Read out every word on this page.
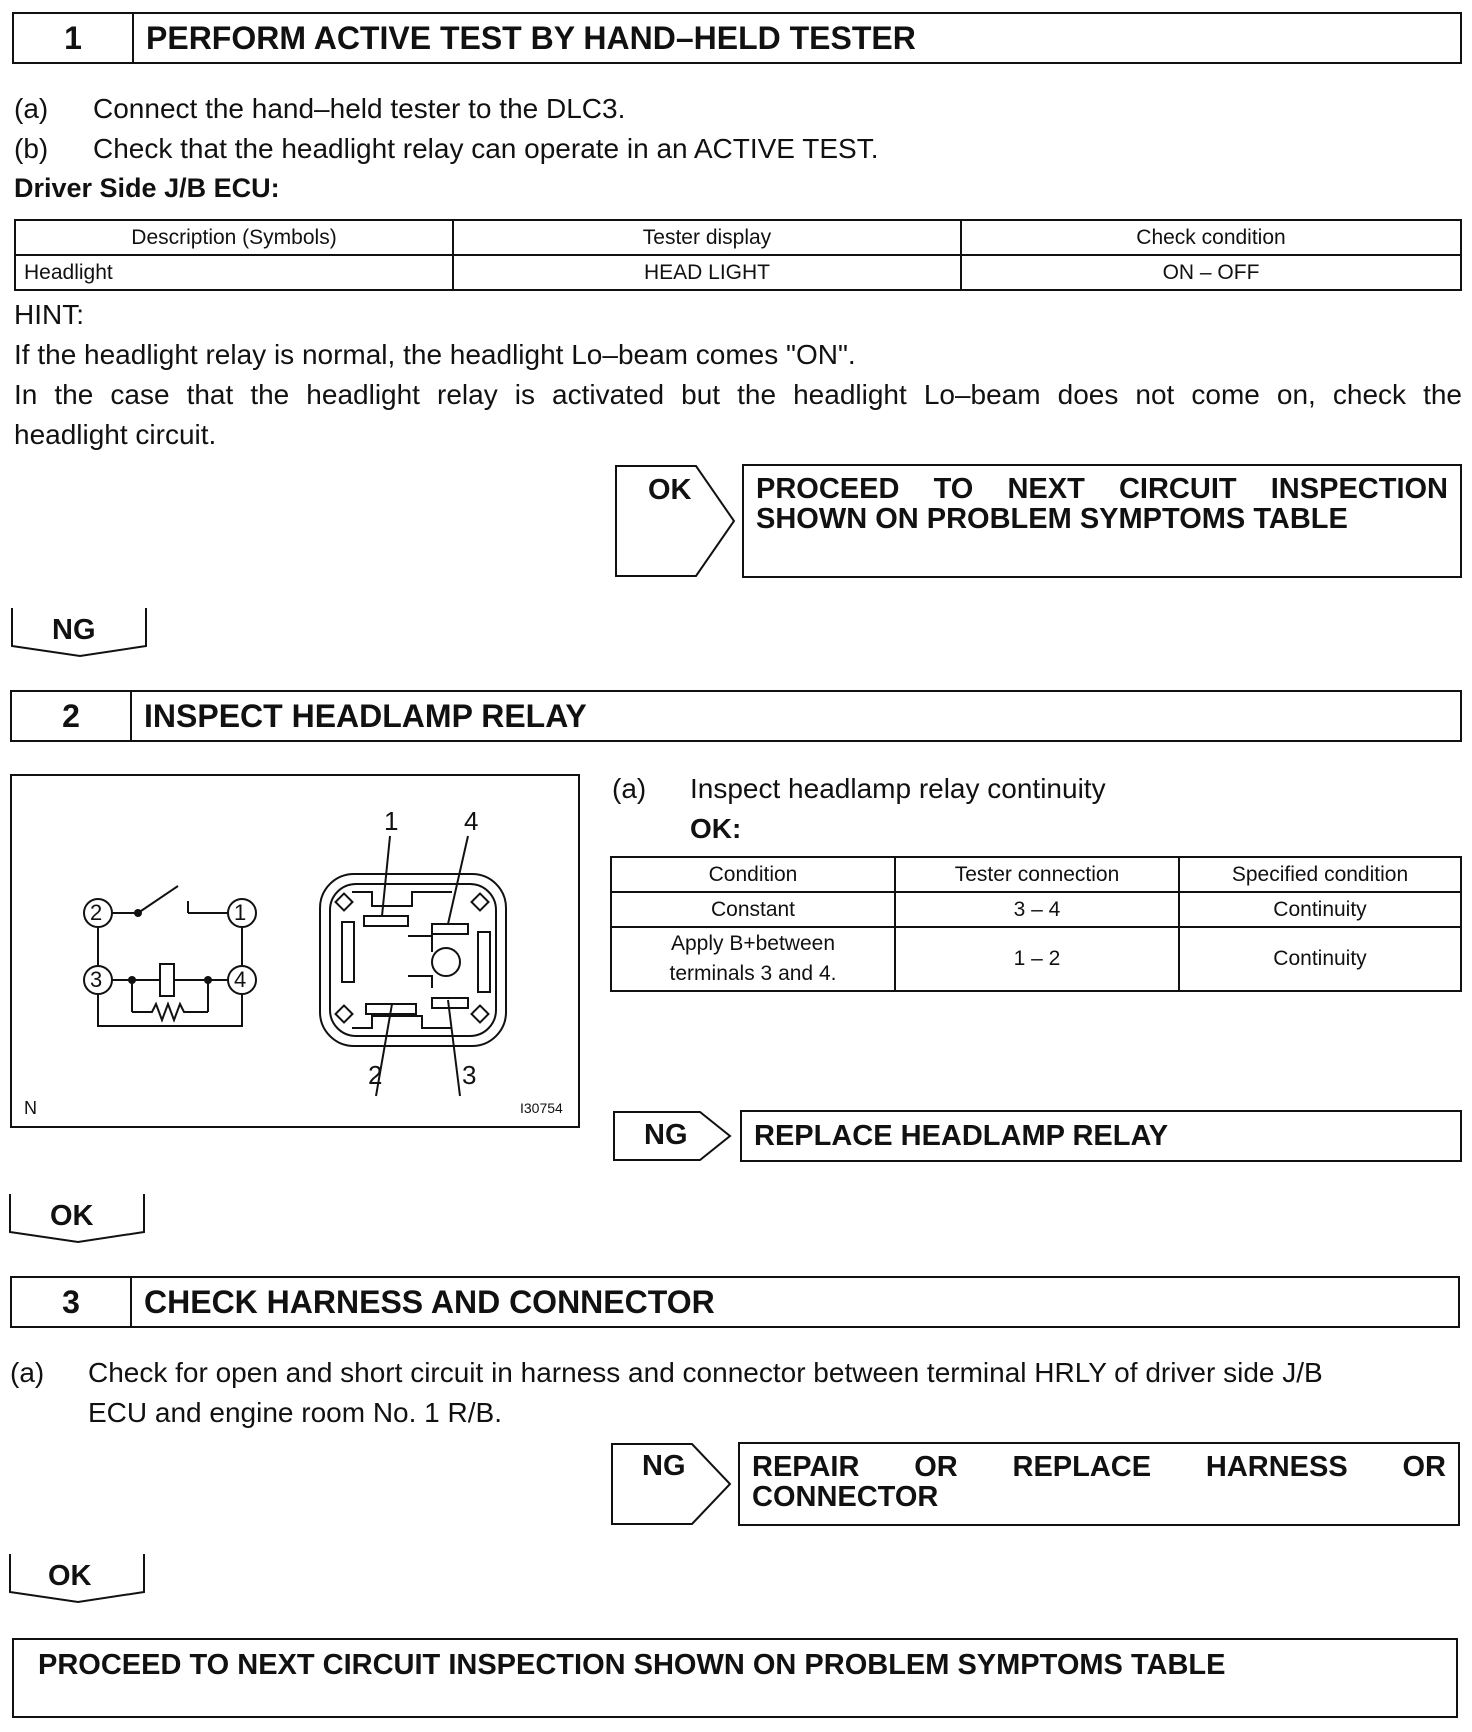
1	PERFORM ACTIVE TEST BY HAND–HELD TESTER
(a) Connect the hand–held tester to the DLC3.
(b) Check that the headlight relay can operate in an ACTIVE TEST.
Driver Side J/B ECU:
Description (Symbols)	Tester display	Check condition
Headlight	HEAD LIGHT	ON – OFF
HINT:
If the headlight relay is normal, the headlight Lo–beam comes "ON".
In the case that the headlight relay is activated but the headlight Lo–beam does not come on, check the
headlight circuit.
OK PROCEED TO NEXT CIRCUIT INSPECTION
SHOWN ON PROBLEM SYMPTOMS TABLE
NG
2	INSPECT HEADLAMP RELAY
2	1
3	4
1	4
2	3
N	I30754
(a) Inspect headlamp relay continuity
OK:
Condition	Tester connection	Specified condition
Constant	3 – 4	Continuity
Apply B+between terminals 3 and 4.	1 – 2	Continuity
NG	REPLACE HEADLAMP RELAY
OK
3	CHECK HARNESS AND CONNECTOR
(a) Check for open and short circuit in harness and connector between terminal HRLY of driver side J/B
ECU and engine room No. 1 R/B.
NG REPAIR OR REPLACE HARNESS OR
CONNECTOR
OK
PROCEED TO NEXT CIRCUIT INSPECTION SHOWN ON PROBLEM SYMPTOMS TABLE
